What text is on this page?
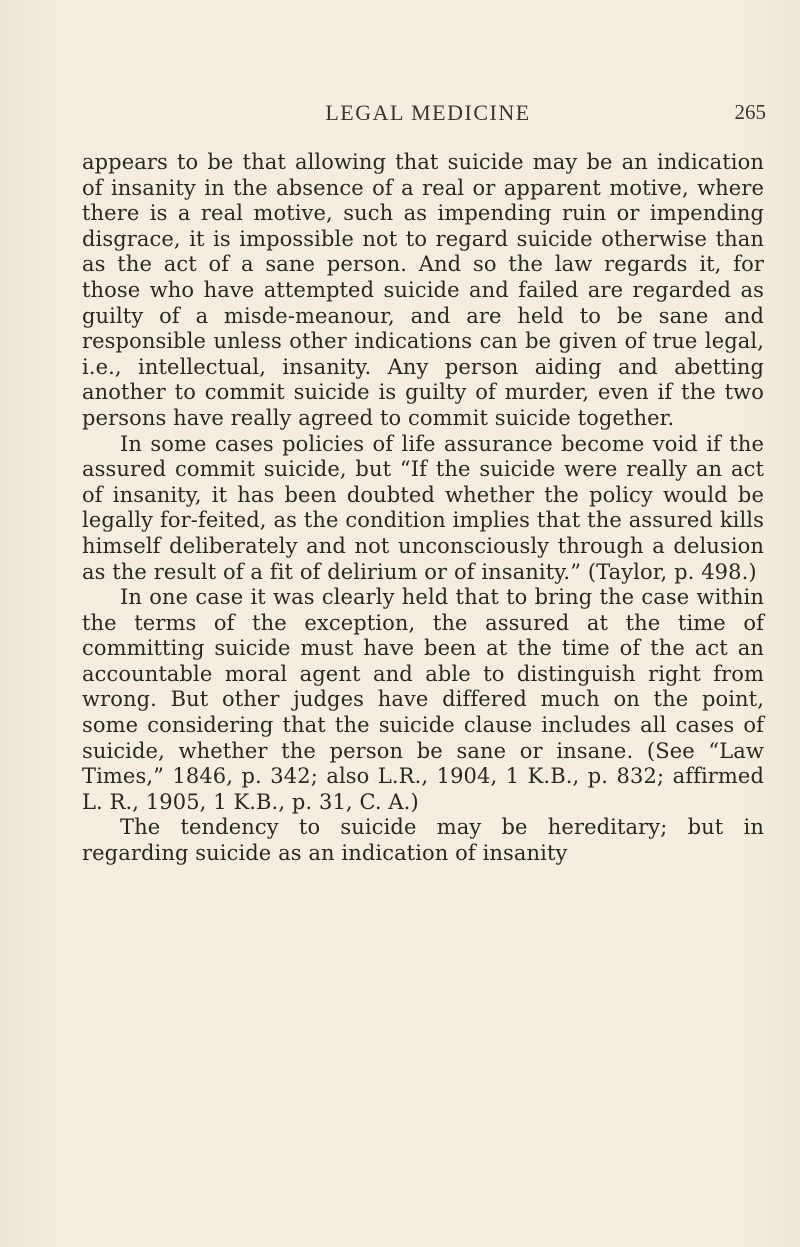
LEGAL MEDICINE	265

appears to be that allowing that suicide may be an indication of insanity in the absence of a real or apparent motive, where there is a real motive, such as impending ruin or impending disgrace, it is impossible not to regard suicide otherwise than as the act of a sane person. And so the law regards it, for those who have attempted suicide and failed are regarded as guilty of a misde-meanour, and are held to be sane and responsible unless other indications can be given of true legal, i.e., intellectual, insanity. Any person aiding and abetting another to commit suicide is guilty of murder, even if the two persons have really agreed to commit suicide together.

In some cases policies of life assurance become void if the assured commit suicide, but “If the suicide were really an act of insanity, it has been doubted whether the policy would be legally for-feited, as the condition implies that the assured kills himself deliberately and not unconsciously through a delusion as the result of a fit of delirium or of insanity.” (Taylor, p. 498.)

In one case it was clearly held that to bring the case within the terms of the exception, the assured at the time of committing suicide must have been at the time of the act an accountable moral agent and able to distinguish right from wrong. But other judges have differed much on the point, some considering that the suicide clause includes all cases of suicide, whether the person be sane or insane. (See “Law Times,” 1846, p. 342; also L.R., 1904, 1 K.B., p. 832; affirmed L. R., 1905, 1 K.B., p. 31, C. A.)

The tendency to suicide may be hereditary; but in regarding suicide as an indication of insanity
